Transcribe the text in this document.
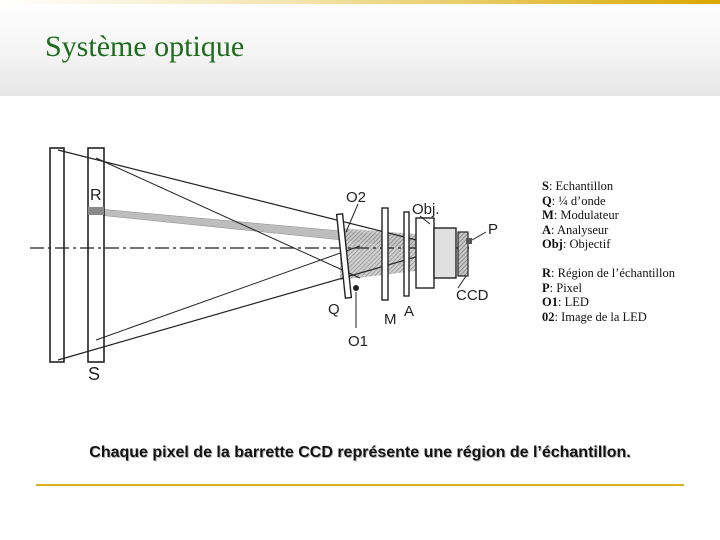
Système optique
R
S
O2
Obj.
P
CCD
Q
M A
O1
S: Echantillon
Q: ¼ d’onde
M: Modulateur
A: Analyseur
Obj: Objectif
R: Région de l’échantillon
P: Pixel
O1: LED
02: Image de la LED

Chaque pixel de la barrette CCD représente une région de l’échantillon.
